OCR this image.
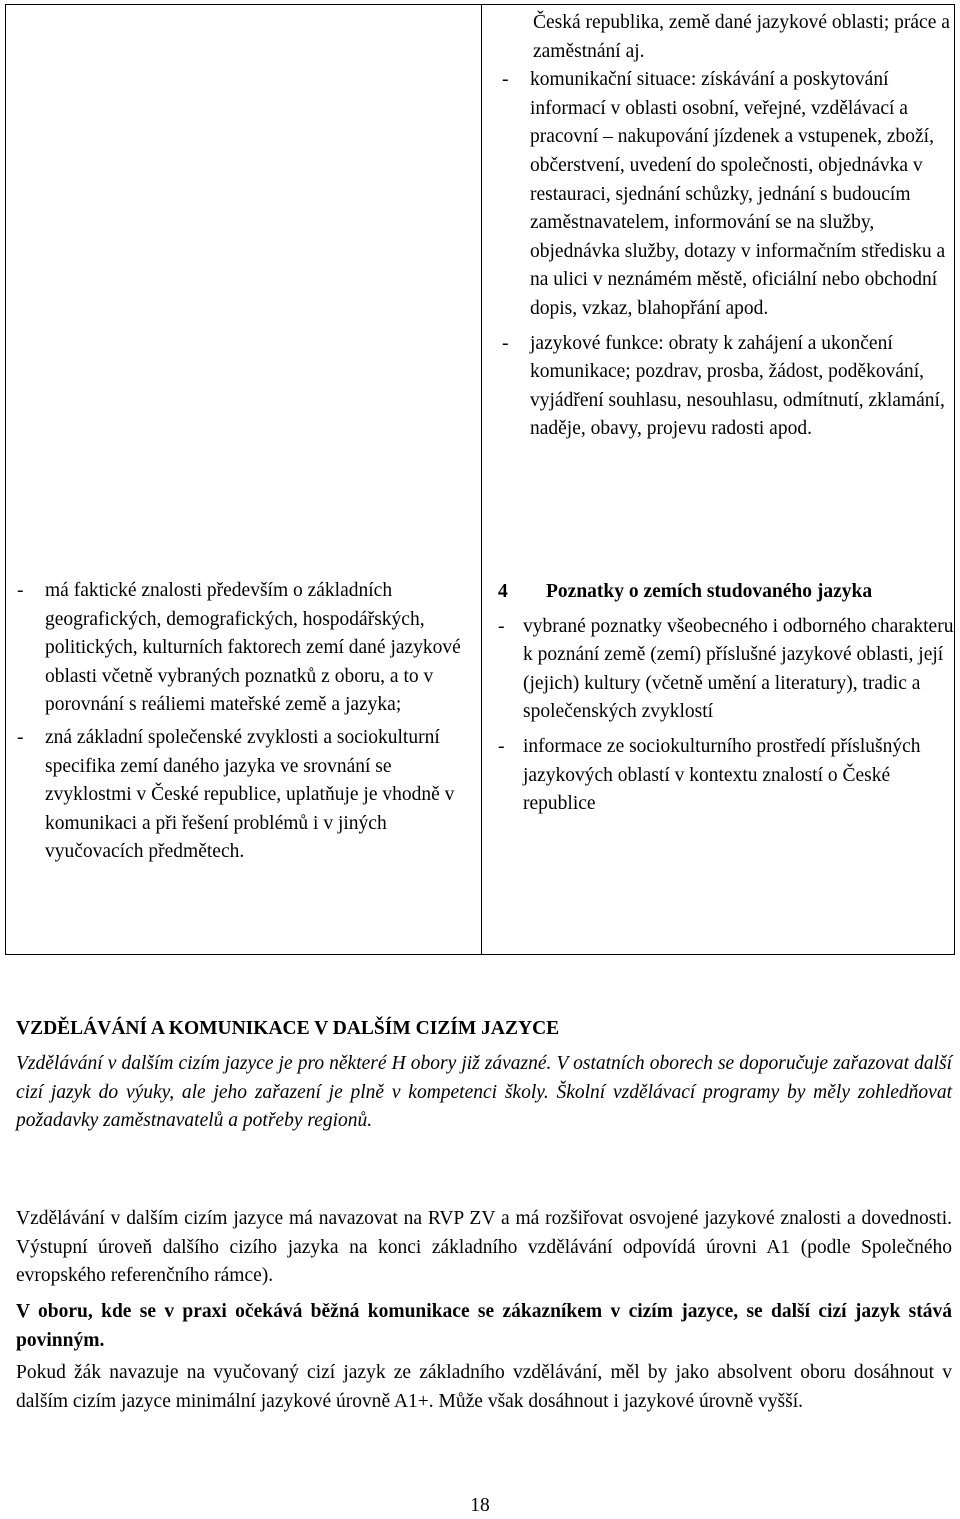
- má faktické znalosti především o základních geografických, demografických, hospodářských, politických, kulturních faktorech zemí dané jazykové oblasti včetně vybraných poznatků z oboru, a to v porovnání s reáliemi mateřské země a jazyka;
- zná základní společenské zvyklosti a sociokulturní specifika zemí daného jazyka ve srovnání se zvyklostmi v České republice, uplatňuje je vhodně v komunikaci a při řešení problémů i v jiných vyučovacích předmětech.
Česká republika, země dané jazykové oblasti; práce a zaměstnání aj.
- komunikační situace: získávání a poskytování informací v oblasti osobní, veřejné, vzdělávací a pracovní – nakupování jízdenek a vstupenek, zboží, občerstvení, uvedení do společnosti, objednávka v restauraci, sjednání schůzky, jednání s budoucím zaměstnavatelem, informování se na služby, objednávka služby, dotazy v informačním středisku a na ulici v neznámém městě, oficiální nebo obchodní dopis, vzkaz, blahopřání apod.
- jazykové funkce: obraty k zahájení a ukončení komunikace; pozdrav, prosba, žádost, poděkování, vyjádření souhlasu, nesouhlasu, odmítnutí, zklamání, naděje, obavy, projevu radosti apod.
4 Poznatky o zemích studovaného jazyka
- vybrané poznatky všeobecného i odborného charakteru k poznání země (zemí) příslušné jazykové oblasti, její (jejich) kultury (včetně umění a literatury), tradic a společenských zvyklostí
- informace ze sociokulturního prostředí příslušných jazykových oblastí v kontextu znalostí o České republice
VZDĚLÁVÁNÍ A KOMUNIKACE V DALŠÍM CIZÍM JAZYCE
Vzdělávání v dalším cizím jazyce je pro některé H obory již závazné. V ostatních oborech se doporučuje zařazovat další cizí jazyk do výuky, ale jeho zařazení je plně v kompetenci školy. Školní vzdělávací programy by měly zohledňovat požadavky zaměstnavatelů a potřeby regionů.
Vzdělávání v dalším cizím jazyce má navazovat na RVP ZV a má rozšiřovat osvojené jazykové znalosti a dovednosti. Výstupní úroveň dalšího cizího jazyka na konci základního vzdělávání odpovídá úrovni A1 (podle Společného evropského referenčního rámce).
V oboru, kde se v praxi očekává běžná komunikace se zákazníkem v cizím jazyce, se další cizí jazyk stává povinným.
Pokud žák navazuje na vyučovaný cizí jazyk ze základního vzdělávání, měl by jako absolvent oboru dosáhnout v dalším cizím jazyce minimální jazykové úrovně A1+. Může však dosáhnout i jazykové úrovně vyšší.
18
